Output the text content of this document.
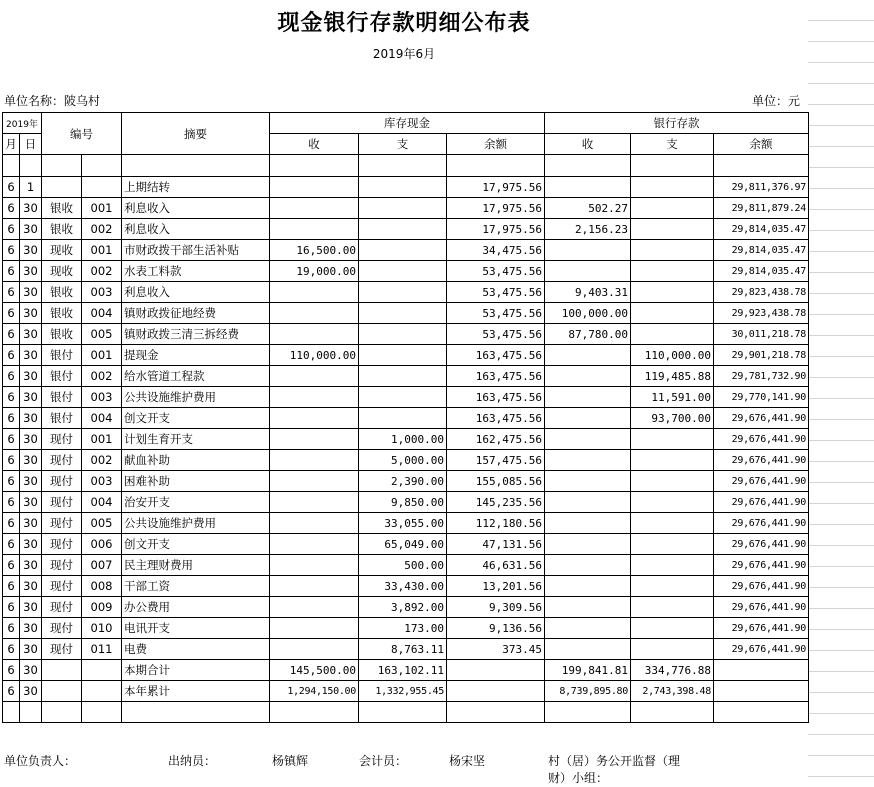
现金银行存款明细公布表
2019年6月
单位名称：陂乌村	单位：元
2019年		编号		摘要	库存现金			银行存款		
月	日				收	支	余额	收	支	余额

6	1			上期结转			17,975.56			29,811,376.97
6	30	银收	001	利息收入			17,975.56	502.27		29,811,879.24
6	30	银收	002	利息收入			17,975.56	2,156.23		29,814,035.47
6	30	现收	001	市财政拨干部生活补贴	16,500.00		34,475.56			29,814,035.47
6	30	现收	002	水表工料款	19,000.00		53,475.56			29,814,035.47
6	30	银收	003	利息收入			53,475.56	9,403.31		29,823,438.78
6	30	银收	004	镇财政拨征地经费			53,475.56	100,000.00		29,923,438.78
6	30	银收	005	镇财政拨三清三拆经费			53,475.56	87,780.00		30,011,218.78
6	30	银付	001	提现金	110,000.00		163,475.56		110,000.00	29,901,218.78
6	30	银付	002	给水管道工程款			163,475.56		119,485.88	29,781,732.90
6	30	银付	003	公共设施维护费用			163,475.56		11,591.00	29,770,141.90
6	30	银付	004	创文开支			163,475.56		93,700.00	29,676,441.90
6	30	现付	001	计划生育开支		1,000.00	162,475.56			29,676,441.90
6	30	现付	002	献血补助		5,000.00	157,475.56			29,676,441.90
6	30	现付	003	困难补助		2,390.00	155,085.56			29,676,441.90
6	30	现付	004	治安开支		9,850.00	145,235.56			29,676,441.90
6	30	现付	005	公共设施维护费用		33,055.00	112,180.56			29,676,441.90
6	30	现付	006	创文开支		65,049.00	47,131.56			29,676,441.90
6	30	现付	007	民主理财费用		500.00	46,631.56			29,676,441.90
6	30	现付	008	干部工资		33,430.00	13,201.56			29,676,441.90
6	30	现付	009	办公费用		3,892.00	9,309.56			29,676,441.90
6	30	现付	010	电讯开支		173.00	9,136.56			29,676,441.90
6	30	现付	011	电费		8,763.11	373.45			29,676,441.90
6	30			本期合计	145,500.00	163,102.11		199,841.81	334,776.88	
6	30			本年累计	1,294,150.00	1,332,955.45		8,739,895.80	2,743,398.48	

单位负责人：	出纳员：	杨镇辉	会计员：	杨宋坚	村（居）务公开监督（理
财）小组：
